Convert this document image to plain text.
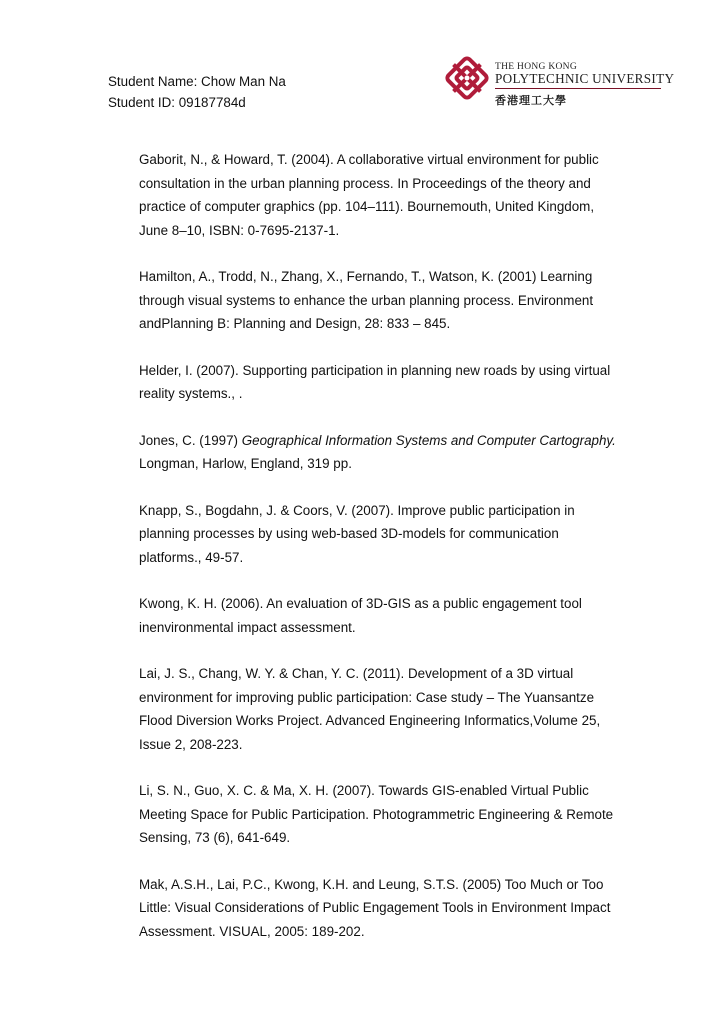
Student Name: Chow Man Na
Student ID: 09187784d
THE HONG KONG
POLYTECHNIC UNIVERSITY
香港理工大學
Gaborit, N., & Howard, T. (2004). A collaborative virtual environment for public
consultation in the urban planning process. In Proceedings of the theory and
practice of computer graphics (pp. 104–111). Bournemouth, United Kingdom,
June 8–10, ISBN: 0-7695-2137-1.
Hamilton, A., Trodd, N., Zhang, X., Fernando, T., Watson, K. (2001) Learning
through visual systems to enhance the urban planning process. Environment
andPlanning B: Planning and Design, 28: 833 – 845.
Helder, I. (2007). Supporting participation in planning new roads by using virtual
reality systems., .
Jones, C. (1997) Geographical Information Systems and Computer Cartography.
Longman, Harlow, England, 319 pp.
Knapp, S., Bogdahn, J. & Coors, V. (2007). Improve public participation in
planning processes by using web-based 3D-models for communication
platforms., 49-57.
Kwong, K. H. (2006). An evaluation of 3D-GIS as a public engagement tool
inenvironmental impact assessment.
Lai, J. S., Chang, W. Y. & Chan, Y. C. (2011). Development of a 3D virtual
environment for improving public participation: Case study – The Yuansantze
Flood Diversion Works Project. Advanced Engineering Informatics,Volume 25,
Issue 2, 208-223.
Li, S. N., Guo, X. C. & Ma, X. H. (2007). Towards GIS-enabled Virtual Public
Meeting Space for Public Participation. Photogrammetric Engineering & Remote
Sensing, 73 (6), 641-649.
Mak, A.S.H., Lai, P.C., Kwong, K.H. and Leung, S.T.S. (2005) Too Much or Too
Little: Visual Considerations of Public Engagement Tools in Environment Impact
Assessment. VISUAL, 2005: 189-202.
